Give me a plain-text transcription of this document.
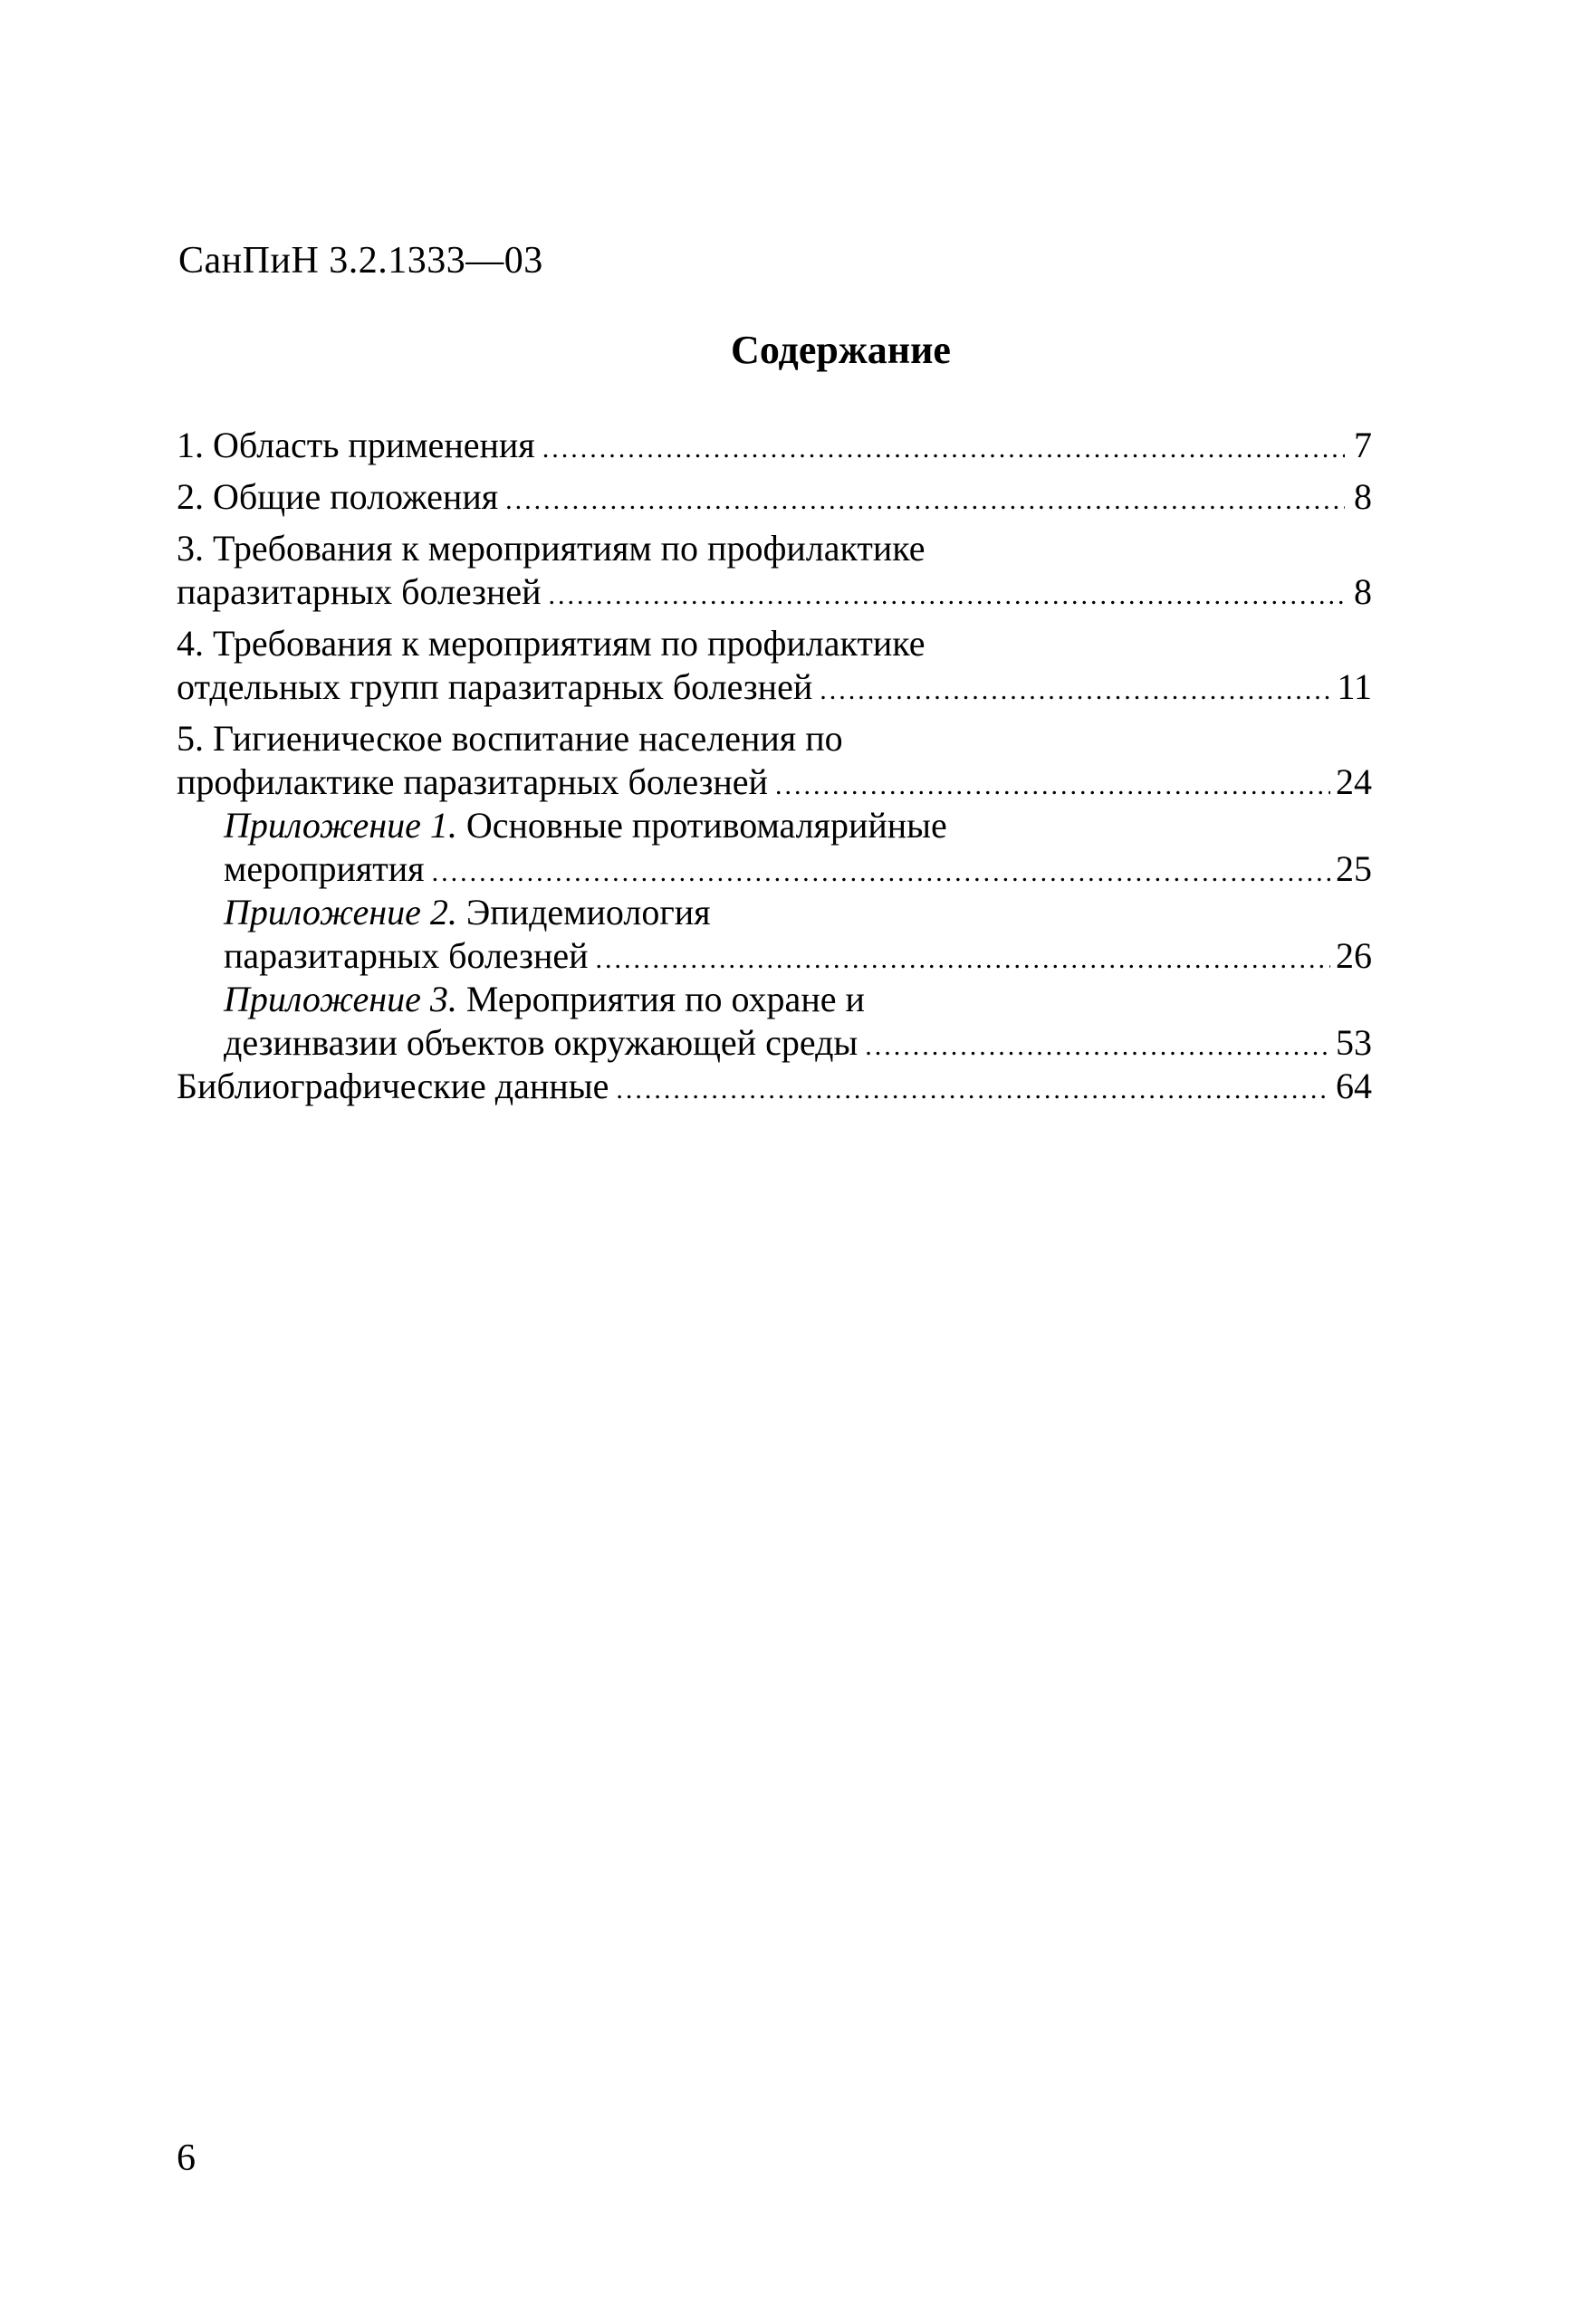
СанПиН 3.2.1333—03
Содержание
1. Область применения .....	7
2. Общие положения .....	8
3. Требования к мероприятиям по профилактике
паразитарных болезней .....	8
4. Требования к мероприятиям по профилактике
отдельных групп паразитарных болезней .....	11
5. Гигиеническое воспитание населения по
профилактике паразитарных болезней .....	24
Приложение 1. Основные противомалярийные
мероприятия .....	25
Приложение 2. Эпидемиология
паразитарных болезней .....	26
Приложение 3. Мероприятия по охране и
дезинвазии объектов окружающей среды .....	53
Библиографические данные .....	64
6
